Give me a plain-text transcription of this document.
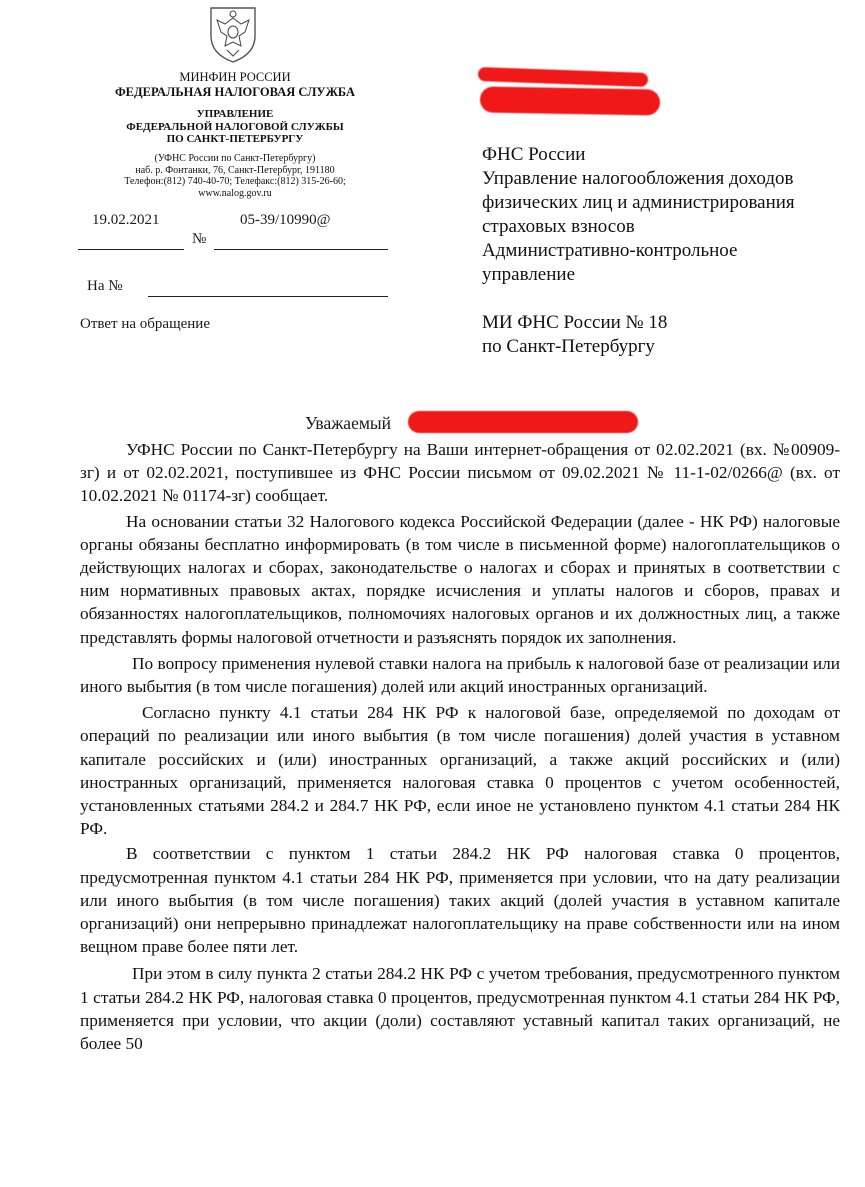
МИНФИН РОССИИ
ФЕДЕРАЛЬНАЯ НАЛОГОВАЯ СЛУЖБА
УПРАВЛЕНИЕ
ФЕДЕРАЛЬНОЙ НАЛОГОВОЙ СЛУЖБЫ
ПО САНКТ-ПЕТЕРБУРГУ
(УФНС России по Санкт-Петербургу)
наб. р. Фонтанки, 76, Санкт-Петербург, 191180
Телефон:(812) 740-40-70; Телефакс:(812) 315-26-60;
www.nalog.gov.ru
19.02.2021	05-39/10990@
№
На №
Ответ на обращение
ФНС России
Управление налогообложения доходов
физических лиц и администрирования
страховых взносов
Административно-контрольное
управление
МИ ФНС России № 18
по Санкт-Петербургу
Уважаемый

УФНС России по Санкт-Петербургу на Ваши интернет-обращения от 02.02.2021 (вх. №00909-зг) и от 02.02.2021, поступившее из ФНС России письмом от 09.02.2021 № 11-1-02/0266@ (вх. от 10.02.2021 № 01174-зг) сообщает.

На основании статьи 32 Налогового кодекса Российской Федерации (далее - НК РФ) налоговые органы обязаны бесплатно информировать (в том числе в письменной форме) налогоплательщиков о действующих налогах и сборах, законодательстве о налогах и сборах и принятых в соответствии с ним нормативных правовых актах, порядке исчисления и уплаты налогов и сборов, правах и обязанностях налогоплательщиков, полномочиях налоговых органов и их должностных лиц, а также представлять формы налоговой отчетности и разъяснять порядок их заполнения.

По вопросу применения нулевой ставки налога на прибыль к налоговой базе от реализации или иного выбытия (в том числе погашения) долей или акций иностранных организаций.

Согласно пункту 4.1 статьи 284 НК РФ к налоговой базе, определяемой по доходам от операций по реализации или иного выбытия (в том числе погашения) долей участия в уставном капитале российских и (или) иностранных организаций, а также акций российских и (или) иностранных организаций, применяется налоговая ставка 0 процентов с учетом особенностей, установленных статьями 284.2 и 284.7 НК РФ, если иное не установлено пунктом 4.1 статьи 284 НК РФ.

В соответствии с пунктом 1 статьи 284.2 НК РФ налоговая ставка 0 процентов, предусмотренная пунктом 4.1 статьи 284 НК РФ, применяется при условии, что на дату реализации или иного выбытия (в том числе погашения) таких акций (долей участия в уставном капитале организаций) они непрерывно принадлежат налогоплательщику на праве собственности или на ином вещном праве более пяти лет.

При этом в силу пункта 2 статьи 284.2 НК РФ с учетом требования, предусмотренного пунктом 1 статьи 284.2 НК РФ, налоговая ставка 0 процентов, предусмотренная пунктом 4.1 статьи 284 НК РФ, применяется при условии, что акции (доли) составляют уставный капитал таких организаций, не более 50
